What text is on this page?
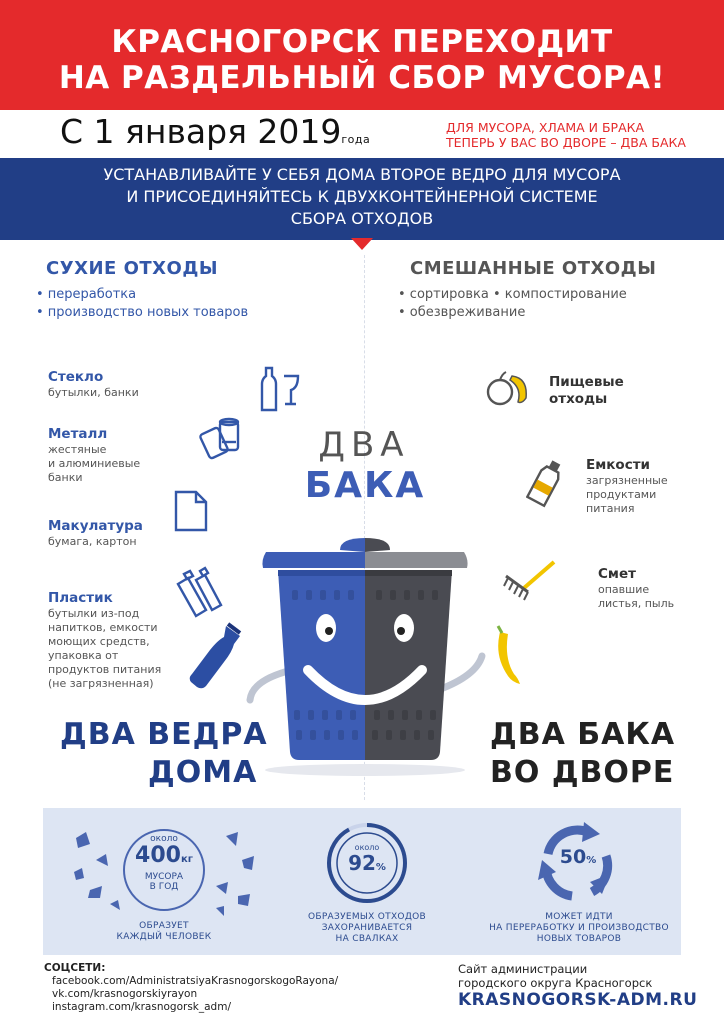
КРАСНОГОРСК ПЕРЕХОДИТ
НА РАЗДЕЛЬНЫЙ СБОР МУСОРА!
С 1 января 2019года
ДЛЯ МУСОРА, ХЛАМА И БРАКА
ТЕПЕРЬ У ВАС ВО ДВОРЕ – ДВА БАКА
УСТАНАВЛИВАЙТЕ У СЕБЯ ДОМА ВТОРОЕ ВЕДРО ДЛЯ МУСОРА
И ПРИСОЕДИНЯЙТЕСЬ К ДВУХКОНТЕЙНЕРНОЙ СИСТЕМЕ
СБОРА ОТХОДОВ
СУХИЕ ОТХОДЫ
• переработка
• производство новых товаров
Стекло
бутылки, банки
Металл
жестяные
и алюминиевые
банки
Макулатура
бумага, картон
Пластик
бутылки из-под
напитков, емкости
моющих средств,
упаковка от
продуктов питания
(не загрязненная)
СМЕШАННЫЕ ОТХОДЫ
• сортировка • компостирование
• обезвреживание
Пищевые
отходы
Емкости
загрязненные
продуктами
питания
Смет
опавшие
листья, пыль
ДВА
БАКА
ДВА ВЕДРА
ДОМА
ДВА БАКА
ВО ДВОРЕ
около
400кг
МУСОРА
В ГОД
ОБРАЗУЕТ
КАЖДЫЙ ЧЕЛОВЕК
около
92%
ОБРАЗУЕМЫХ ОТХОДОВ
ЗАХОРАНИВАЕТСЯ
НА СВАЛКАХ
50%
МОЖЕТ ИДТИ
НА ПЕРЕРАБОТКУ И ПРОИЗВОДСТВО
НОВЫХ ТОВАРОВ
СОЦСЕТИ:
facebook.com/AdministratsiyaKrasnogorskogoRayona/
vk.com/krasnogorskiyrayon
instagram.com/krasnogorsk_adm/
Сайт администрации
городского округа Красногорск
KRASNOGORSK-ADM.RU
